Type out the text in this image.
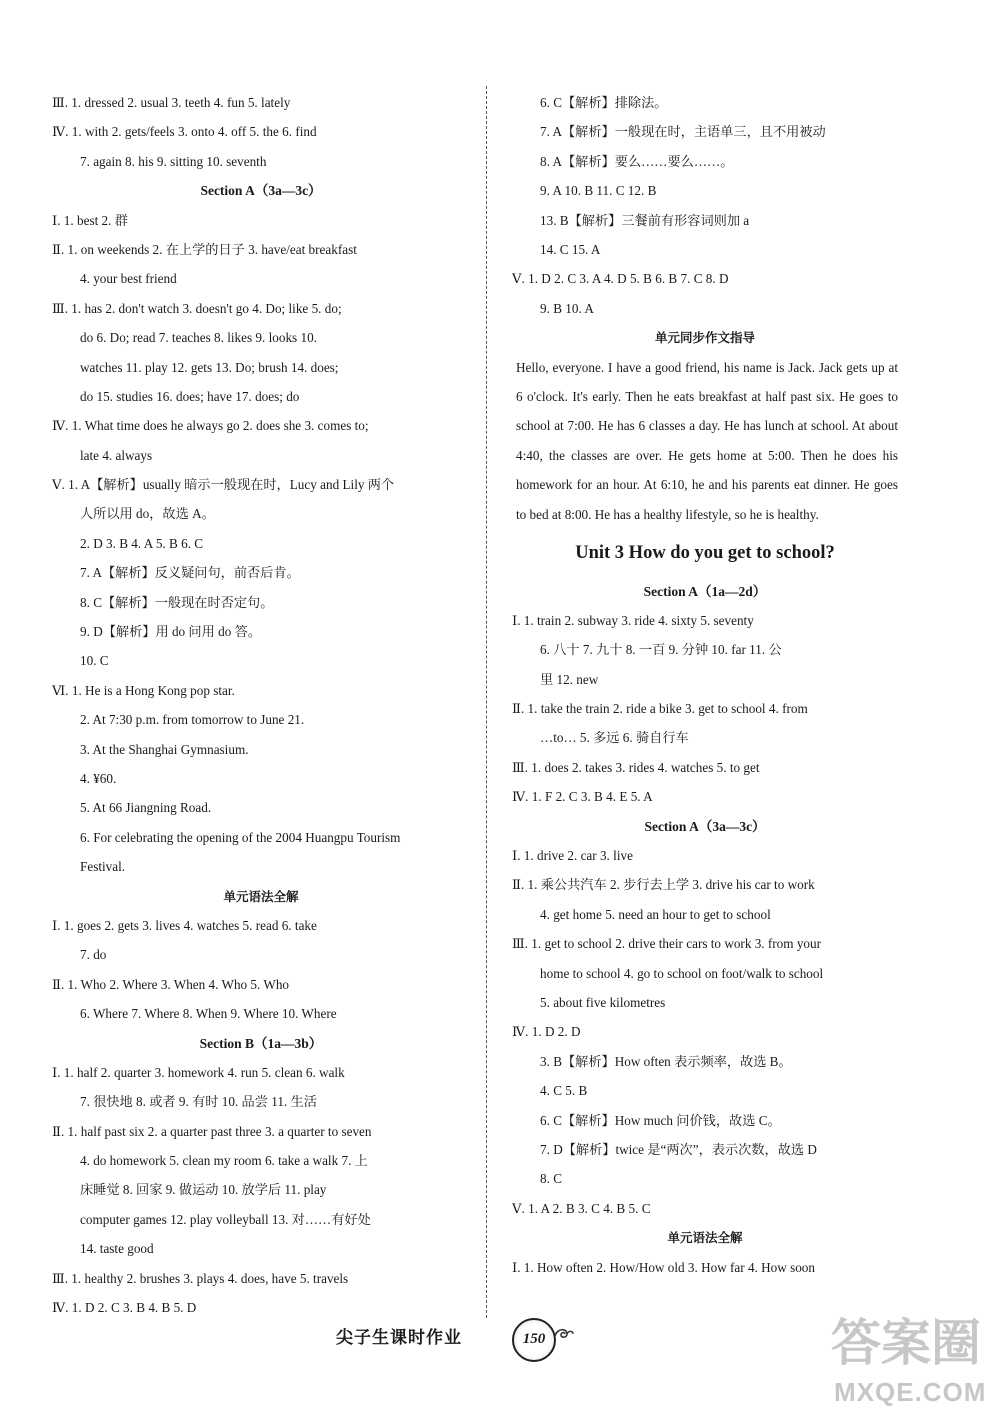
Ⅲ. 1. dressed 2. usual 3. teeth 4. fun 5. lately
Ⅳ. 1. with 2. gets/feels 3. onto 4. off 5. the 6. find
7. again 8. his 9. sitting 10. seventh
Section A（3a—3c）
Ⅰ. 1. best 2. 群
Ⅱ. 1. on weekends 2. 在上学的日子 3. have/eat breakfast
4. your best friend
Ⅲ. 1. has 2. don't watch 3. doesn't go 4. Do; like 5. do;
do 6. Do; read 7. teaches 8. likes 9. looks 10.
watches 11. play 12. gets 13. Do; brush 14. does;
do 15. studies 16. does; have 17. does; do
Ⅳ. 1. What time does he always go 2. does she 3. comes to;
late 4. always
Ⅴ. 1. A【解析】usually 暗示一般现在时，Lucy and Lily 两个
人所以用 do，故选 A。
2. D 3. B 4. A 5. B 6. C
7. A【解析】反义疑问句，前否后肯。
8. C【解析】一般现在时否定句。
9. D【解析】用 do 问用 do 答。
10. C
Ⅵ. 1. He is a Hong Kong pop star.
2. At 7:30 p.m. from tomorrow to June 21.
3. At the Shanghai Gymnasium.
4. ¥60.
5. At 66 Jiangning Road.
6. For celebrating the opening of the 2004 Huangpu Tourism
Festival.
单元语法全解
Ⅰ. 1. goes 2. gets 3. lives 4. watches 5. read 6. take
7. do
Ⅱ. 1. Who 2. Where 3. When 4. Who 5. Who
6. Where 7. Where 8. When 9. Where 10. Where
Section B（1a—3b）
Ⅰ. 1. half 2. quarter 3. homework 4. run 5. clean 6. walk
7. 很快地 8. 或者 9. 有时 10. 品尝 11. 生活
Ⅱ. 1. half past six 2. a quarter past three 3. a quarter to seven
4. do homework 5. clean my room 6. take a walk 7. 上
床睡觉 8. 回家 9. 做运动 10. 放学后 11. play
computer games 12. play volleyball 13. 对……有好处
14. taste good
Ⅲ. 1. healthy 2. brushes 3. plays 4. does, have 5. travels
Ⅳ. 1. D 2. C 3. B 4. B 5. D
6. C【解析】排除法。
7. A【解析】一般现在时，主语单三，且不用被动
8. A【解析】要么……要么……。
9. A 10. B 11. C 12. B
13. B【解析】三餐前有形容词则加 a
14. C 15. A
Ⅴ. 1. D 2. C 3. A 4. D 5. B 6. B 7. C 8. D
9. B 10. A
单元同步作文指导
Hello, everyone. I have a good friend, his name is Jack. Jack gets up at 6 o'clock. It's early. Then he eats breakfast at half past six. He goes to school at 7:00. He has 6 classes a day. He has lunch at school. At about 4:40, the classes are over. He gets home at 5:00. Then he does his homework for an hour. At 6:10, he and his parents eat dinner. He goes to bed at 8:00. He has a healthy lifestyle, so he is healthy.
Unit 3 How do you get to school?
Section A（1a—2d）
Ⅰ. 1. train 2. subway 3. ride 4. sixty 5. seventy
6. 八十 7. 九十 8. 一百 9. 分钟 10. far 11. 公
里 12. new
Ⅱ. 1. take the train 2. ride a bike 3. get to school 4. from
…to… 5. 多远 6. 骑自行车
Ⅲ. 1. does 2. takes 3. rides 4. watches 5. to get
Ⅳ. 1. F 2. C 3. B 4. E 5. A
Section A（3a—3c）
Ⅰ. 1. drive 2. car 3. live
Ⅱ. 1. 乘公共汽车 2. 步行去上学 3. drive his car to work
4. get home 5. need an hour to get to school
Ⅲ. 1. get to school 2. drive their cars to work 3. from your
home to school 4. go to school on foot/walk to school
5. about five kilometres
Ⅳ. 1. D 2. D
3. B【解析】How often 表示频率，故选 B。
4. C 5. B
6. C【解析】How much 问价钱，故选 C。
7. D【解析】twice 是“两次”，表示次数，故选 D
8. C
Ⅴ. 1. A 2. B 3. C 4. B 5. C
单元语法全解
Ⅰ. 1. How often 2. How/How old 3. How far 4. How soon
尖子生课时作业	150	答案圈
MXQE.COM
